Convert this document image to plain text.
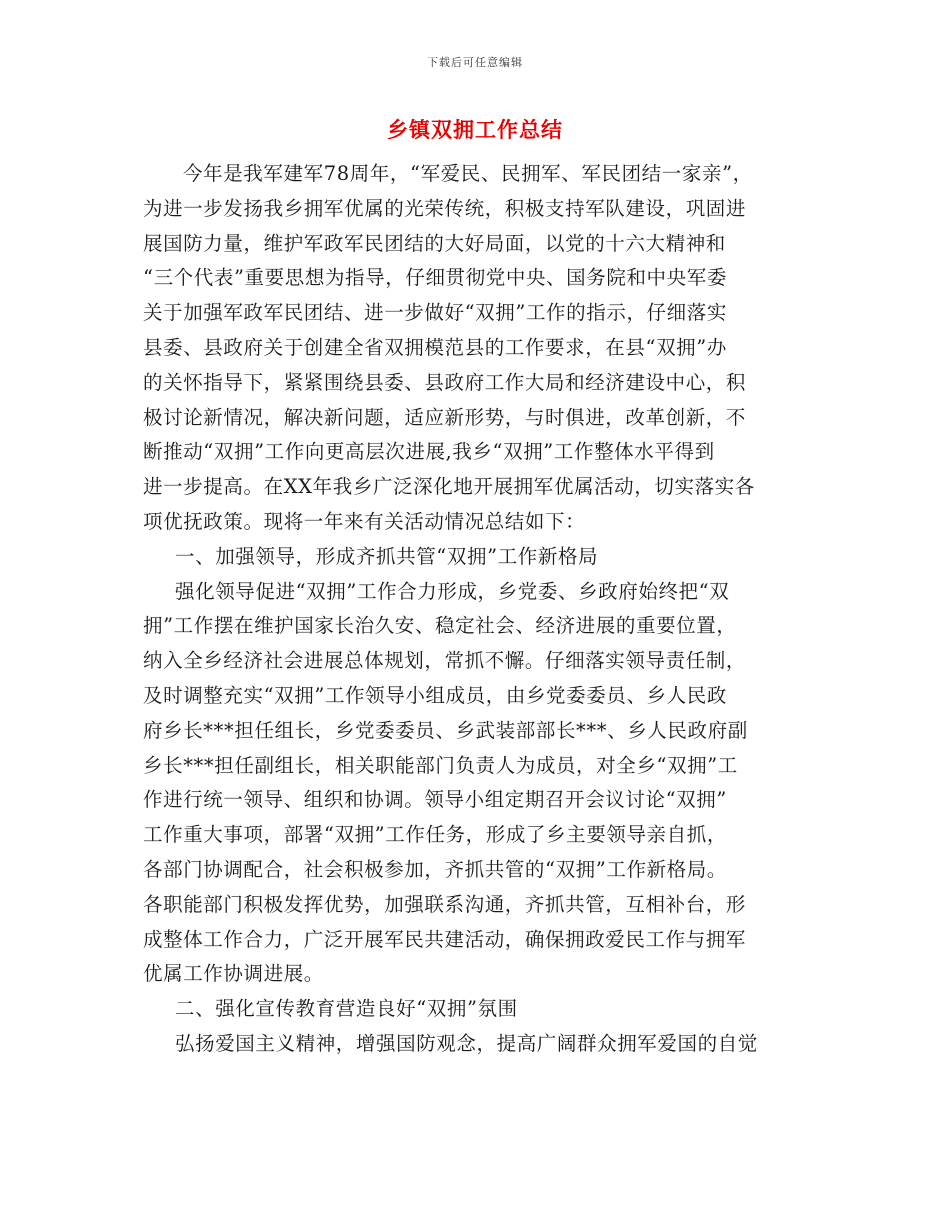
下载后可任意编辑
乡镇双拥工作总结
今年是我军建军78周年，“军爱民、民拥军、军民团结一家亲”，
为进一步发扬我乡拥军优属的光荣传统，积极支持军队建设，巩固进
展国防力量，维护军政军民团结的大好局面，以党的十六大精神和
“三个代表”重要思想为指导，仔细贯彻党中央、国务院和中央军委
关于加强军政军民团结、进一步做好“双拥”工作的指示，仔细落实
县委、县政府关于创建全省双拥模范县的工作要求，在县“双拥”办
的关怀指导下，紧紧围绕县委、县政府工作大局和经济建设中心，积
极讨论新情况，解决新问题，适应新形势，与时俱进，改革创新，不
断推动“双拥”工作向更高层次进展,我乡“双拥”工作整体水平得到
进一步提高。在XX年我乡广泛深化地开展拥军优属活动，切实落实各
项优抚政策。现将一年来有关活动情况总结如下：
一、加强领导，形成齐抓共管“双拥”工作新格局
强化领导促进“双拥”工作合力形成，乡党委、乡政府始终把“双
拥”工作摆在维护国家长治久安、稳定社会、经济进展的重要位置，
纳入全乡经济社会进展总体规划，常抓不懈。仔细落实领导责任制，
及时调整充实“双拥”工作领导小组成员，由乡党委委员、乡人民政
府乡长***担任组长，乡党委委员、乡武装部部长***、乡人民政府副
乡长***担任副组长，相关职能部门负责人为成员，对全乡“双拥”工
作进行统一领导、组织和协调。领导小组定期召开会议讨论“双拥”
工作重大事项，部署“双拥”工作任务，形成了乡主要领导亲自抓，
各部门协调配合，社会积极参加，齐抓共管的“双拥”工作新格局。
各职能部门积极发挥优势，加强联系沟通，齐抓共管，互相补台，形
成整体工作合力，广泛开展军民共建活动，确保拥政爱民工作与拥军
优属工作协调进展。
二、强化宣传教育营造良好“双拥”氛围
弘扬爱国主义精神，增强国防观念，提高广阔群众拥军爱国的自觉
